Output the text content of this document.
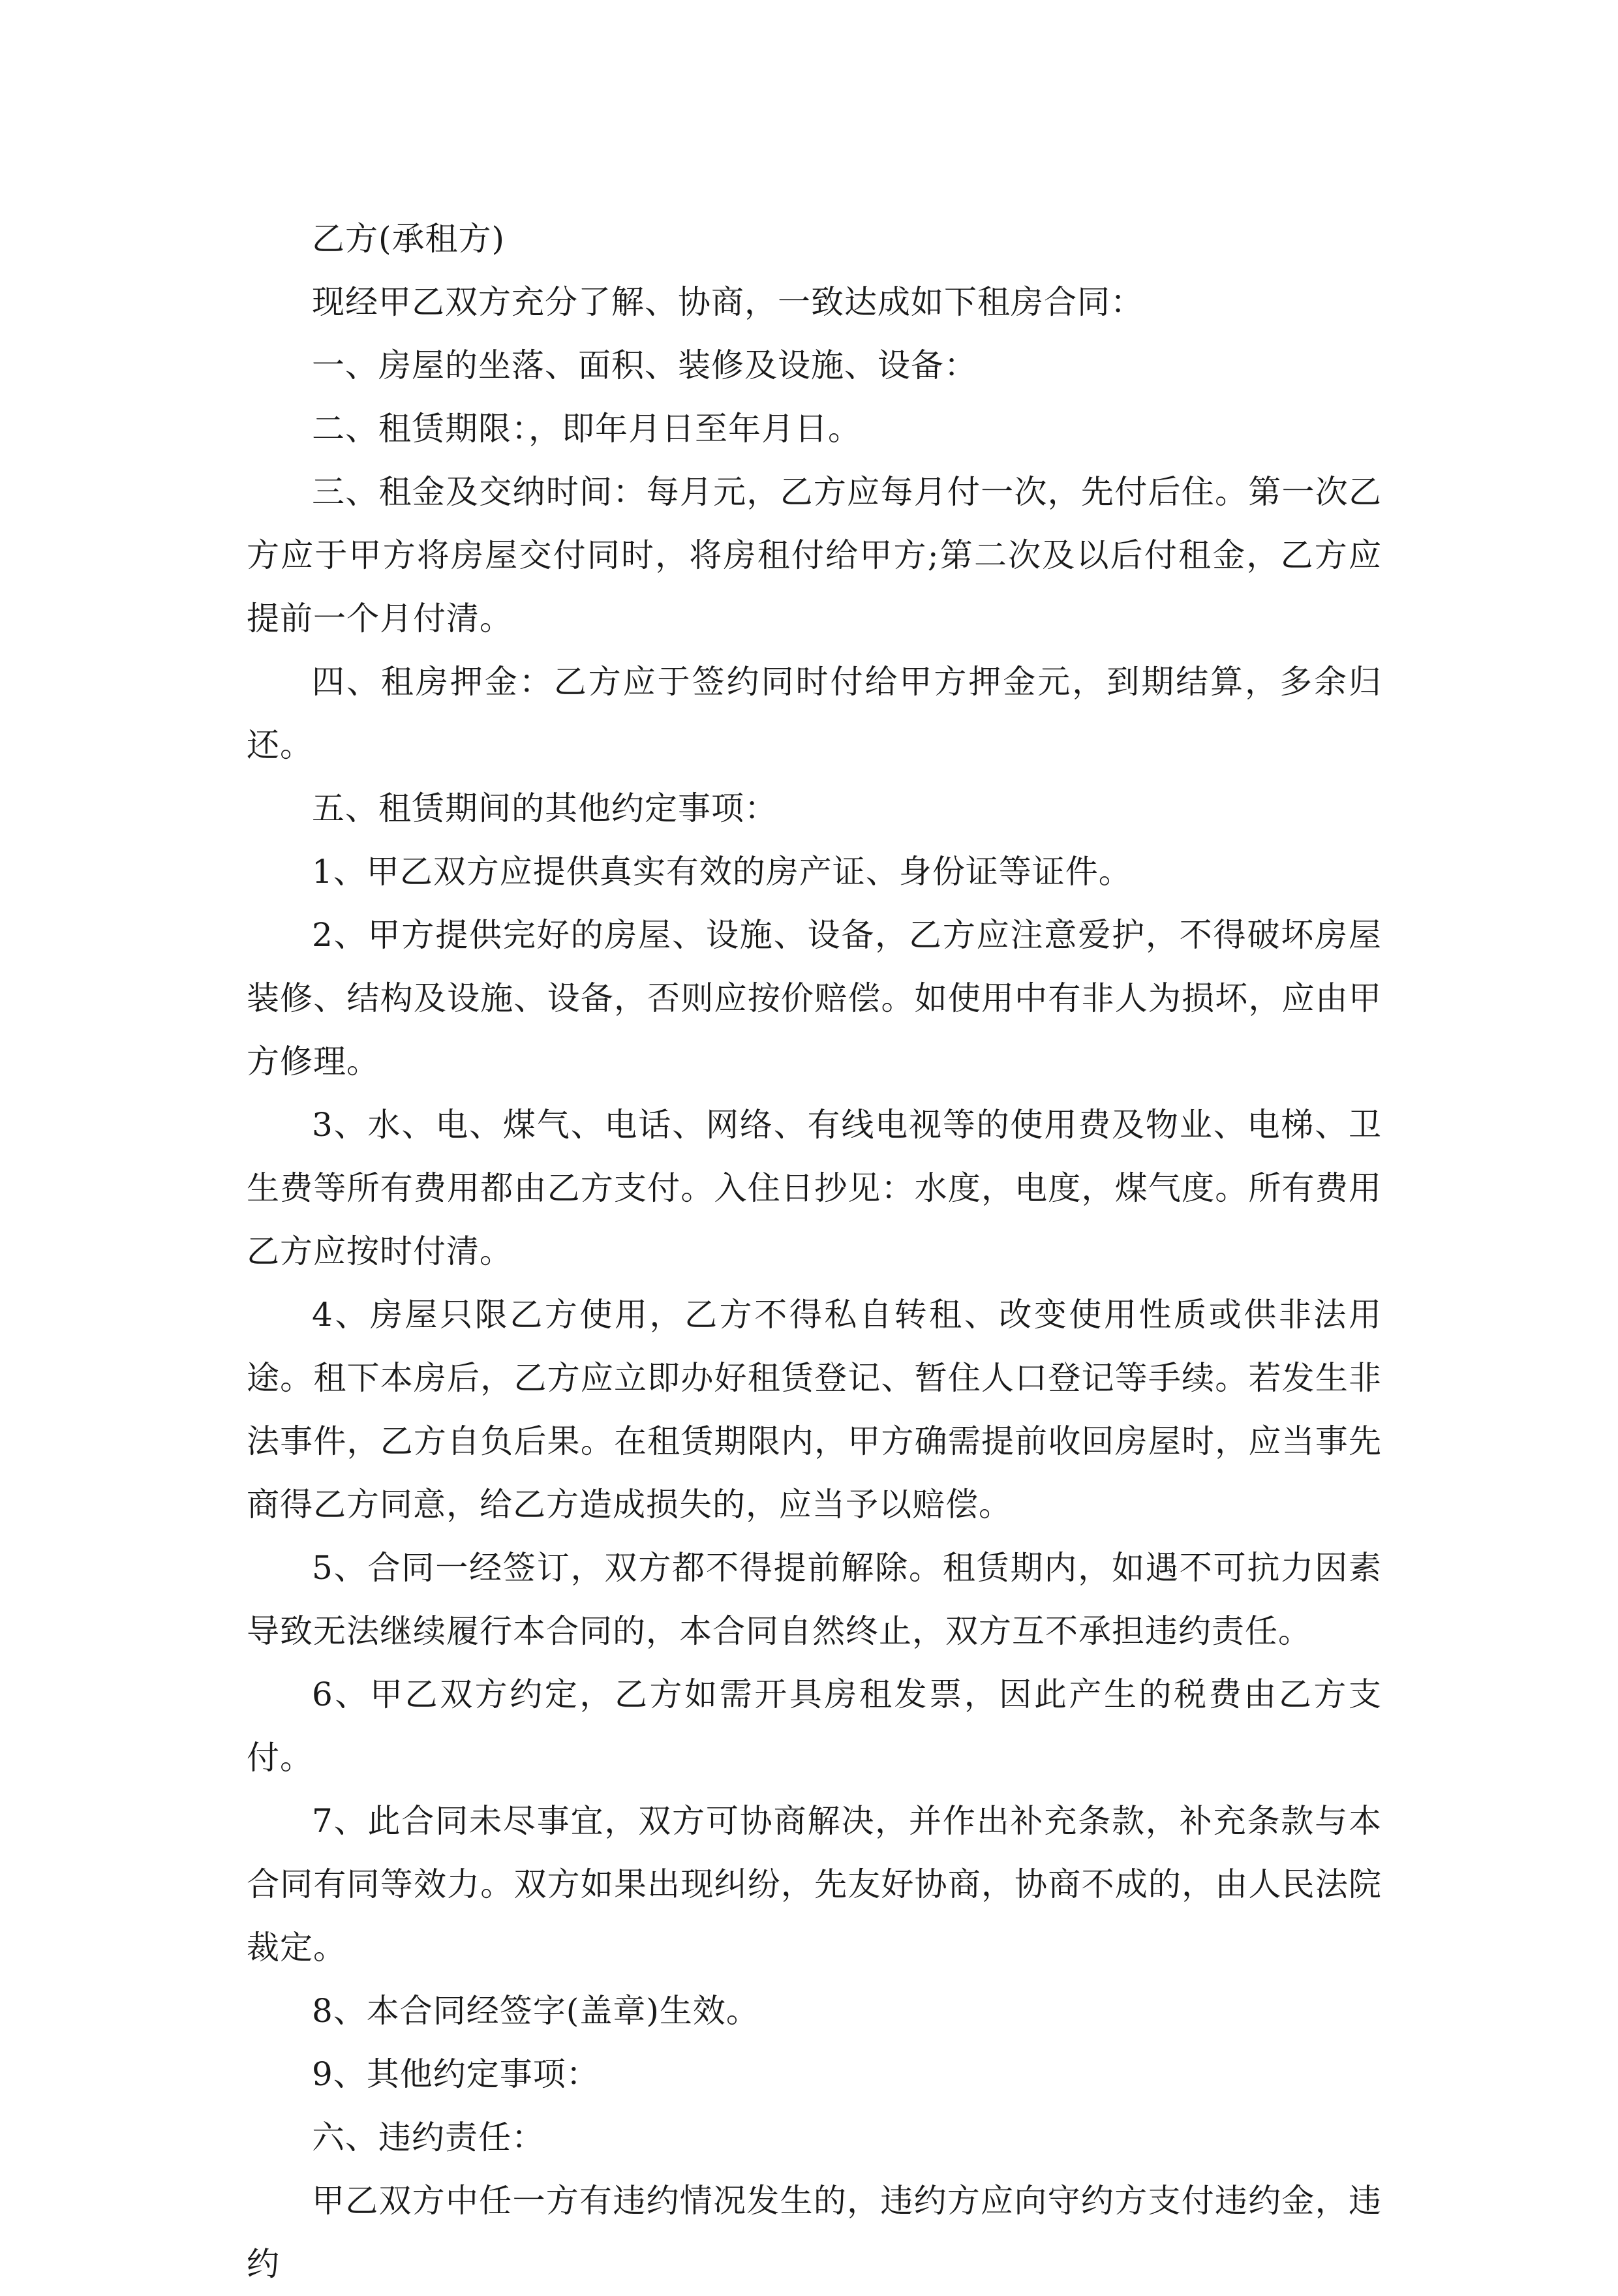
乙方(承租方)

现经甲乙双方充分了解、协商，一致达成如下租房合同：

一、房屋的坐落、面积、装修及设施、设备：

二、租赁期限：，即年月日至年月日。

三、租金及交纳时间：每月元，乙方应每月付一次，先付后住。第一次乙方应于甲方将房屋交付同时，将房租付给甲方;第二次及以后付租金，乙方应提前一个月付清。

四、租房押金：乙方应于签约同时付给甲方押金元，到期结算，多余归还。

五、租赁期间的其他约定事项：

1、甲乙双方应提供真实有效的房产证、身份证等证件。

2、甲方提供完好的房屋、设施、设备，乙方应注意爱护，不得破坏房屋装修、结构及设施、设备，否则应按价赔偿。如使用中有非人为损坏，应由甲方修理。

3、水、电、煤气、电话、网络、有线电视等的使用费及物业、电梯、卫生费等所有费用都由乙方支付。入住日抄见：水度，电度，煤气度。所有费用乙方应按时付清。

4、房屋只限乙方使用，乙方不得私自转租、改变使用性质或供非法用途。租下本房后，乙方应立即办好租赁登记、暂住人口登记等手续。若发生非法事件，乙方自负后果。在租赁期限内，甲方确需提前收回房屋时，应当事先商得乙方同意，给乙方造成损失的，应当予以赔偿。

5、合同一经签订，双方都不得提前解除。租赁期内，如遇不可抗力因素导致无法继续履行本合同的，本合同自然终止，双方互不承担违约责任。

6、甲乙双方约定，乙方如需开具房租发票，因此产生的税费由乙方支付。

7、此合同未尽事宜，双方可协商解决，并作出补充条款，补充条款与本合同有同等效力。双方如果出现纠纷，先友好协商，协商不成的，由人民法院裁定。

8、本合同经签字(盖章)生效。

9、其他约定事项：

六、违约责任：

甲乙双方中任一方有违约情况发生的，违约方应向守约方支付违约金，违约
